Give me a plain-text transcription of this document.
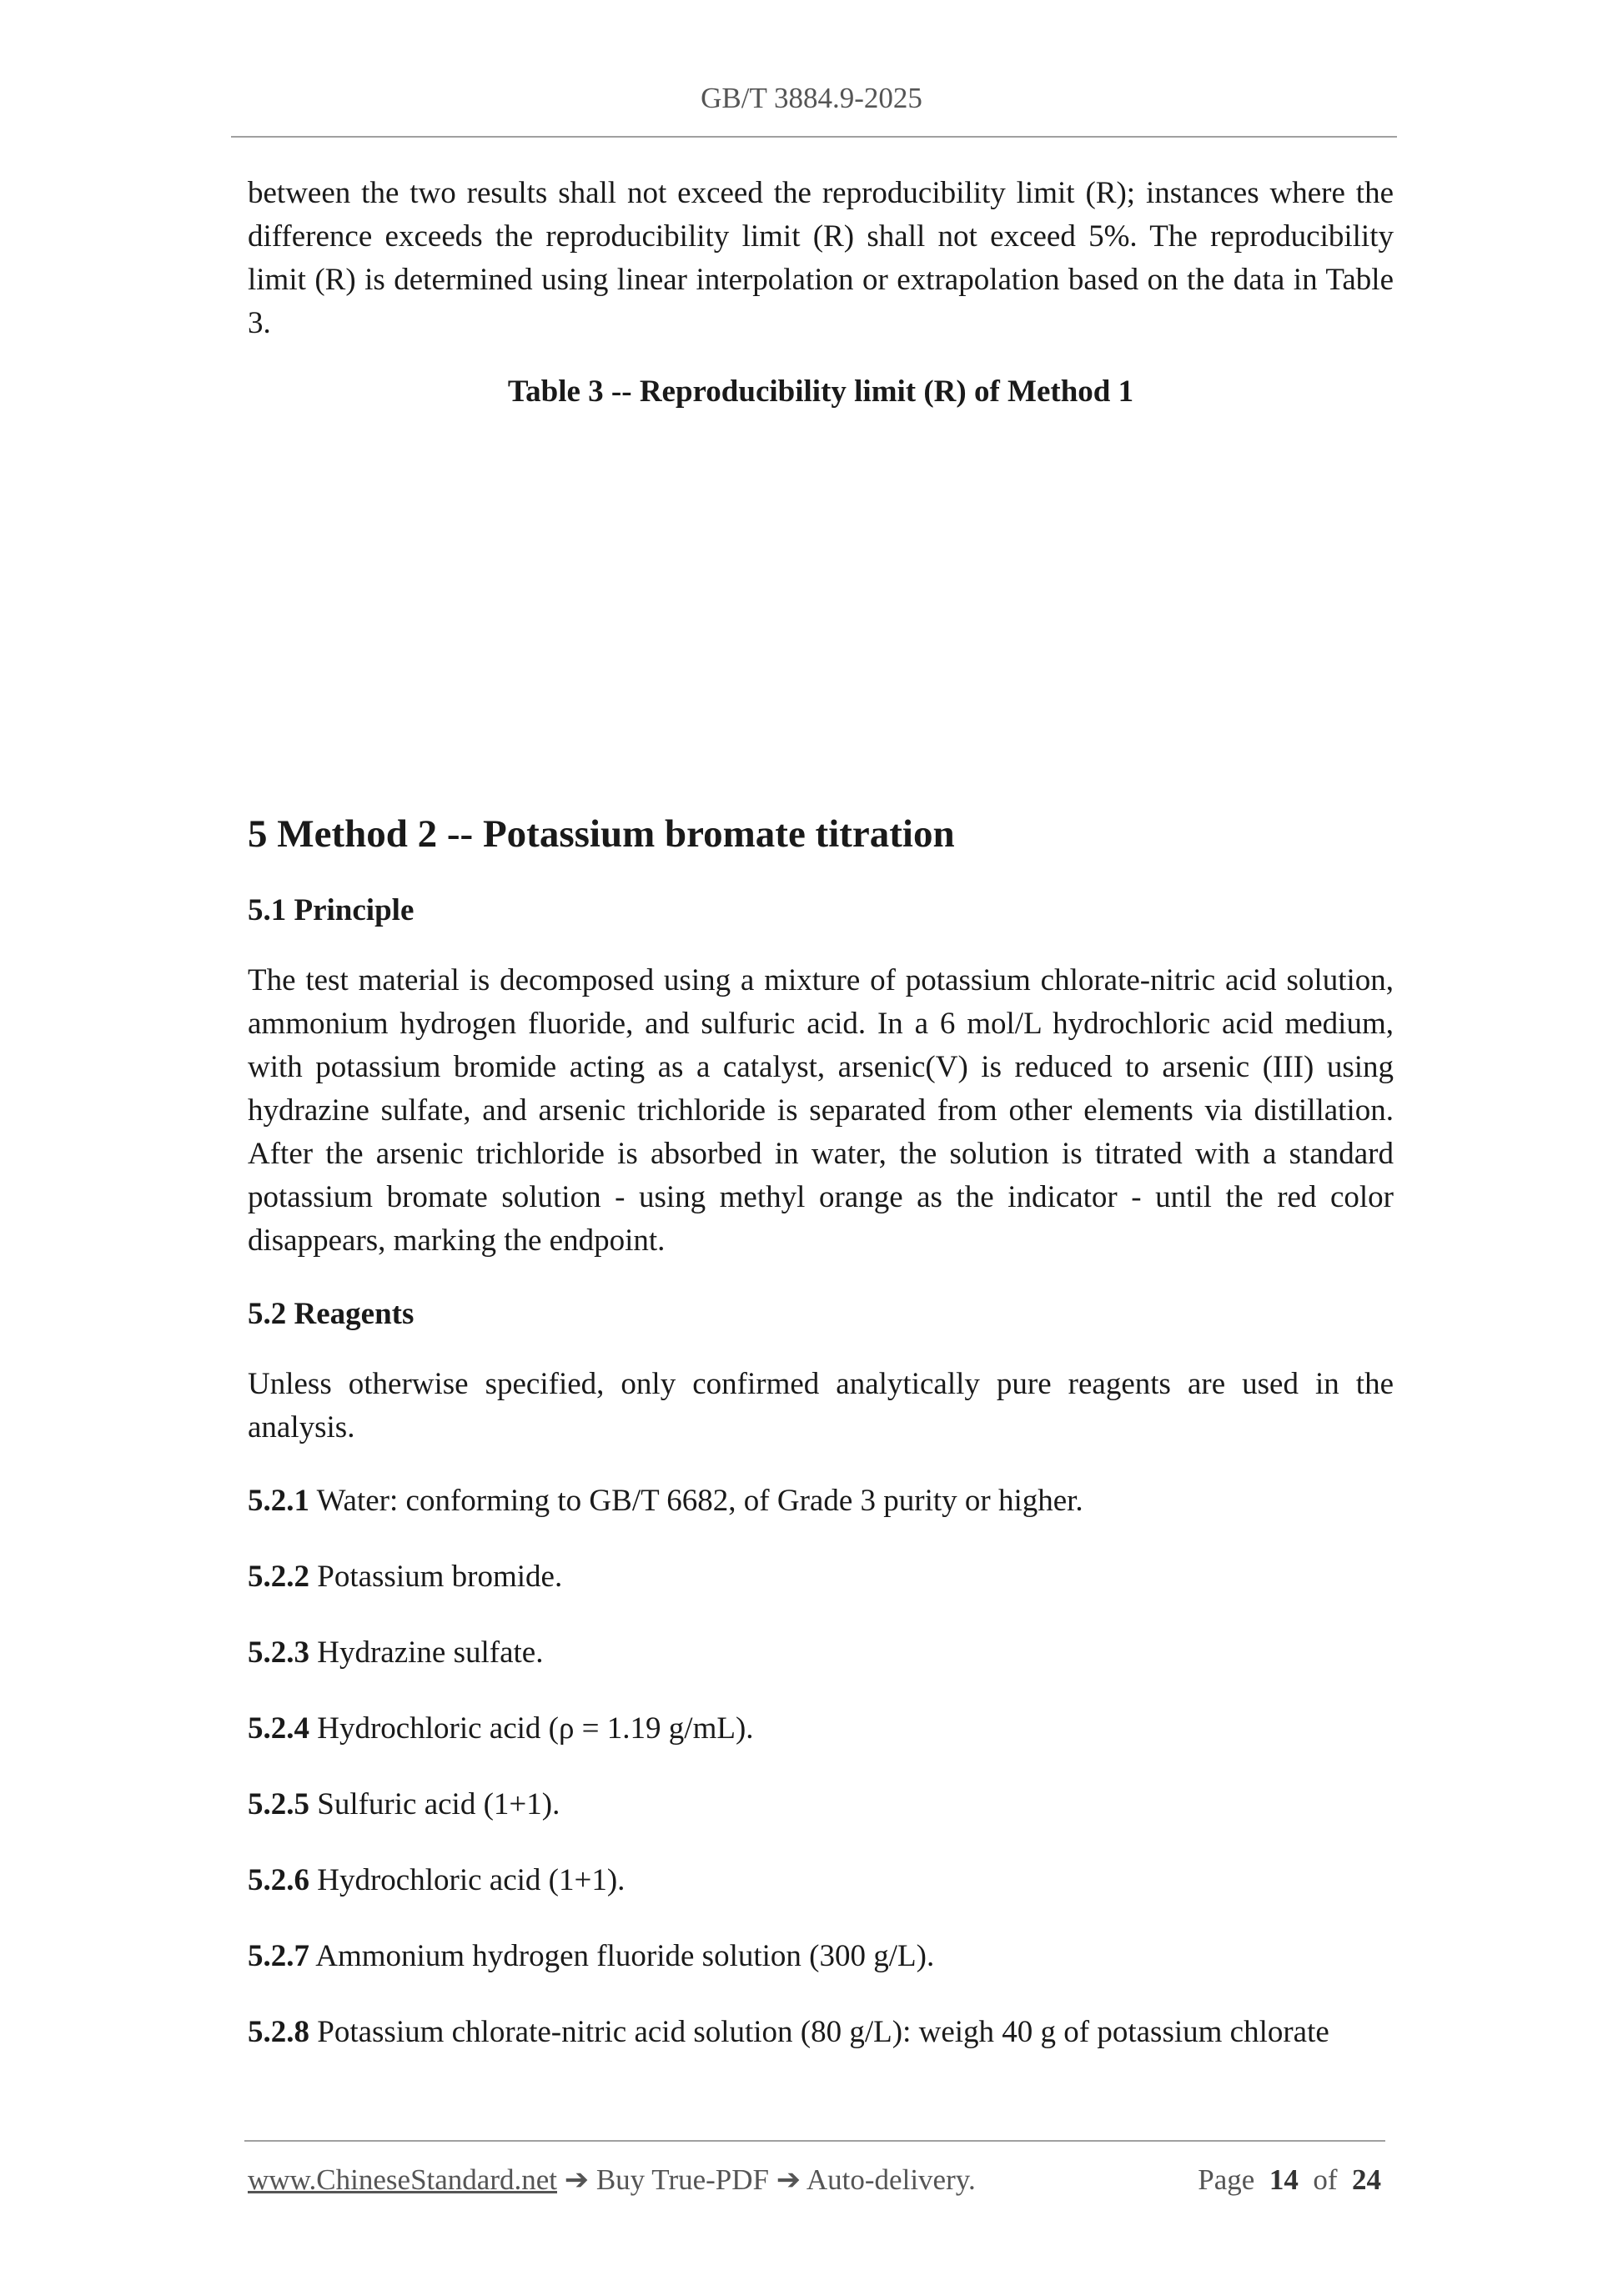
GB/T 3884.9-2025

between the two results shall not exceed the reproducibility limit (R); instances where the difference exceeds the reproducibility limit (R) shall not exceed 5%. The reproducibility limit (R) is determined using linear interpolation or extrapolation based on the data in Table 3.

Table 3 -- Reproducibility limit (R) of Method 1
5 Method 2 -- Potassium bromate titration
5.1 Principle

The test material is decomposed using a mixture of potassium chlorate-nitric acid solution, ammonium hydrogen fluoride, and sulfuric acid. In a 6 mol/L hydrochloric acid medium, with potassium bromide acting as a catalyst, arsenic(V) is reduced to arsenic (III) using hydrazine sulfate, and arsenic trichloride is separated from other elements via distillation. After the arsenic trichloride is absorbed in water, the solution is titrated with a standard potassium bromate solution - using methyl orange as the indicator - until the red color disappears, marking the endpoint.

5.2 Reagents

Unless otherwise specified, only confirmed analytically pure reagents are used in the analysis.

5.2.1 Water: conforming to GB/T 6682, of Grade 3 purity or higher.

5.2.2 Potassium bromide.

5.2.3 Hydrazine sulfate.

5.2.4 Hydrochloric acid (ρ = 1.19 g/mL).

5.2.5 Sulfuric acid (1+1).

5.2.6 Hydrochloric acid (1+1).

5.2.7 Ammonium hydrogen fluoride solution (300 g/L).

5.2.8 Potassium chlorate-nitric acid solution (80 g/L): weigh 40 g of potassium chlorate

www.ChineseStandard.net ➔ Buy True-PDF ➔ Auto-delivery.	Page 14 of 24
